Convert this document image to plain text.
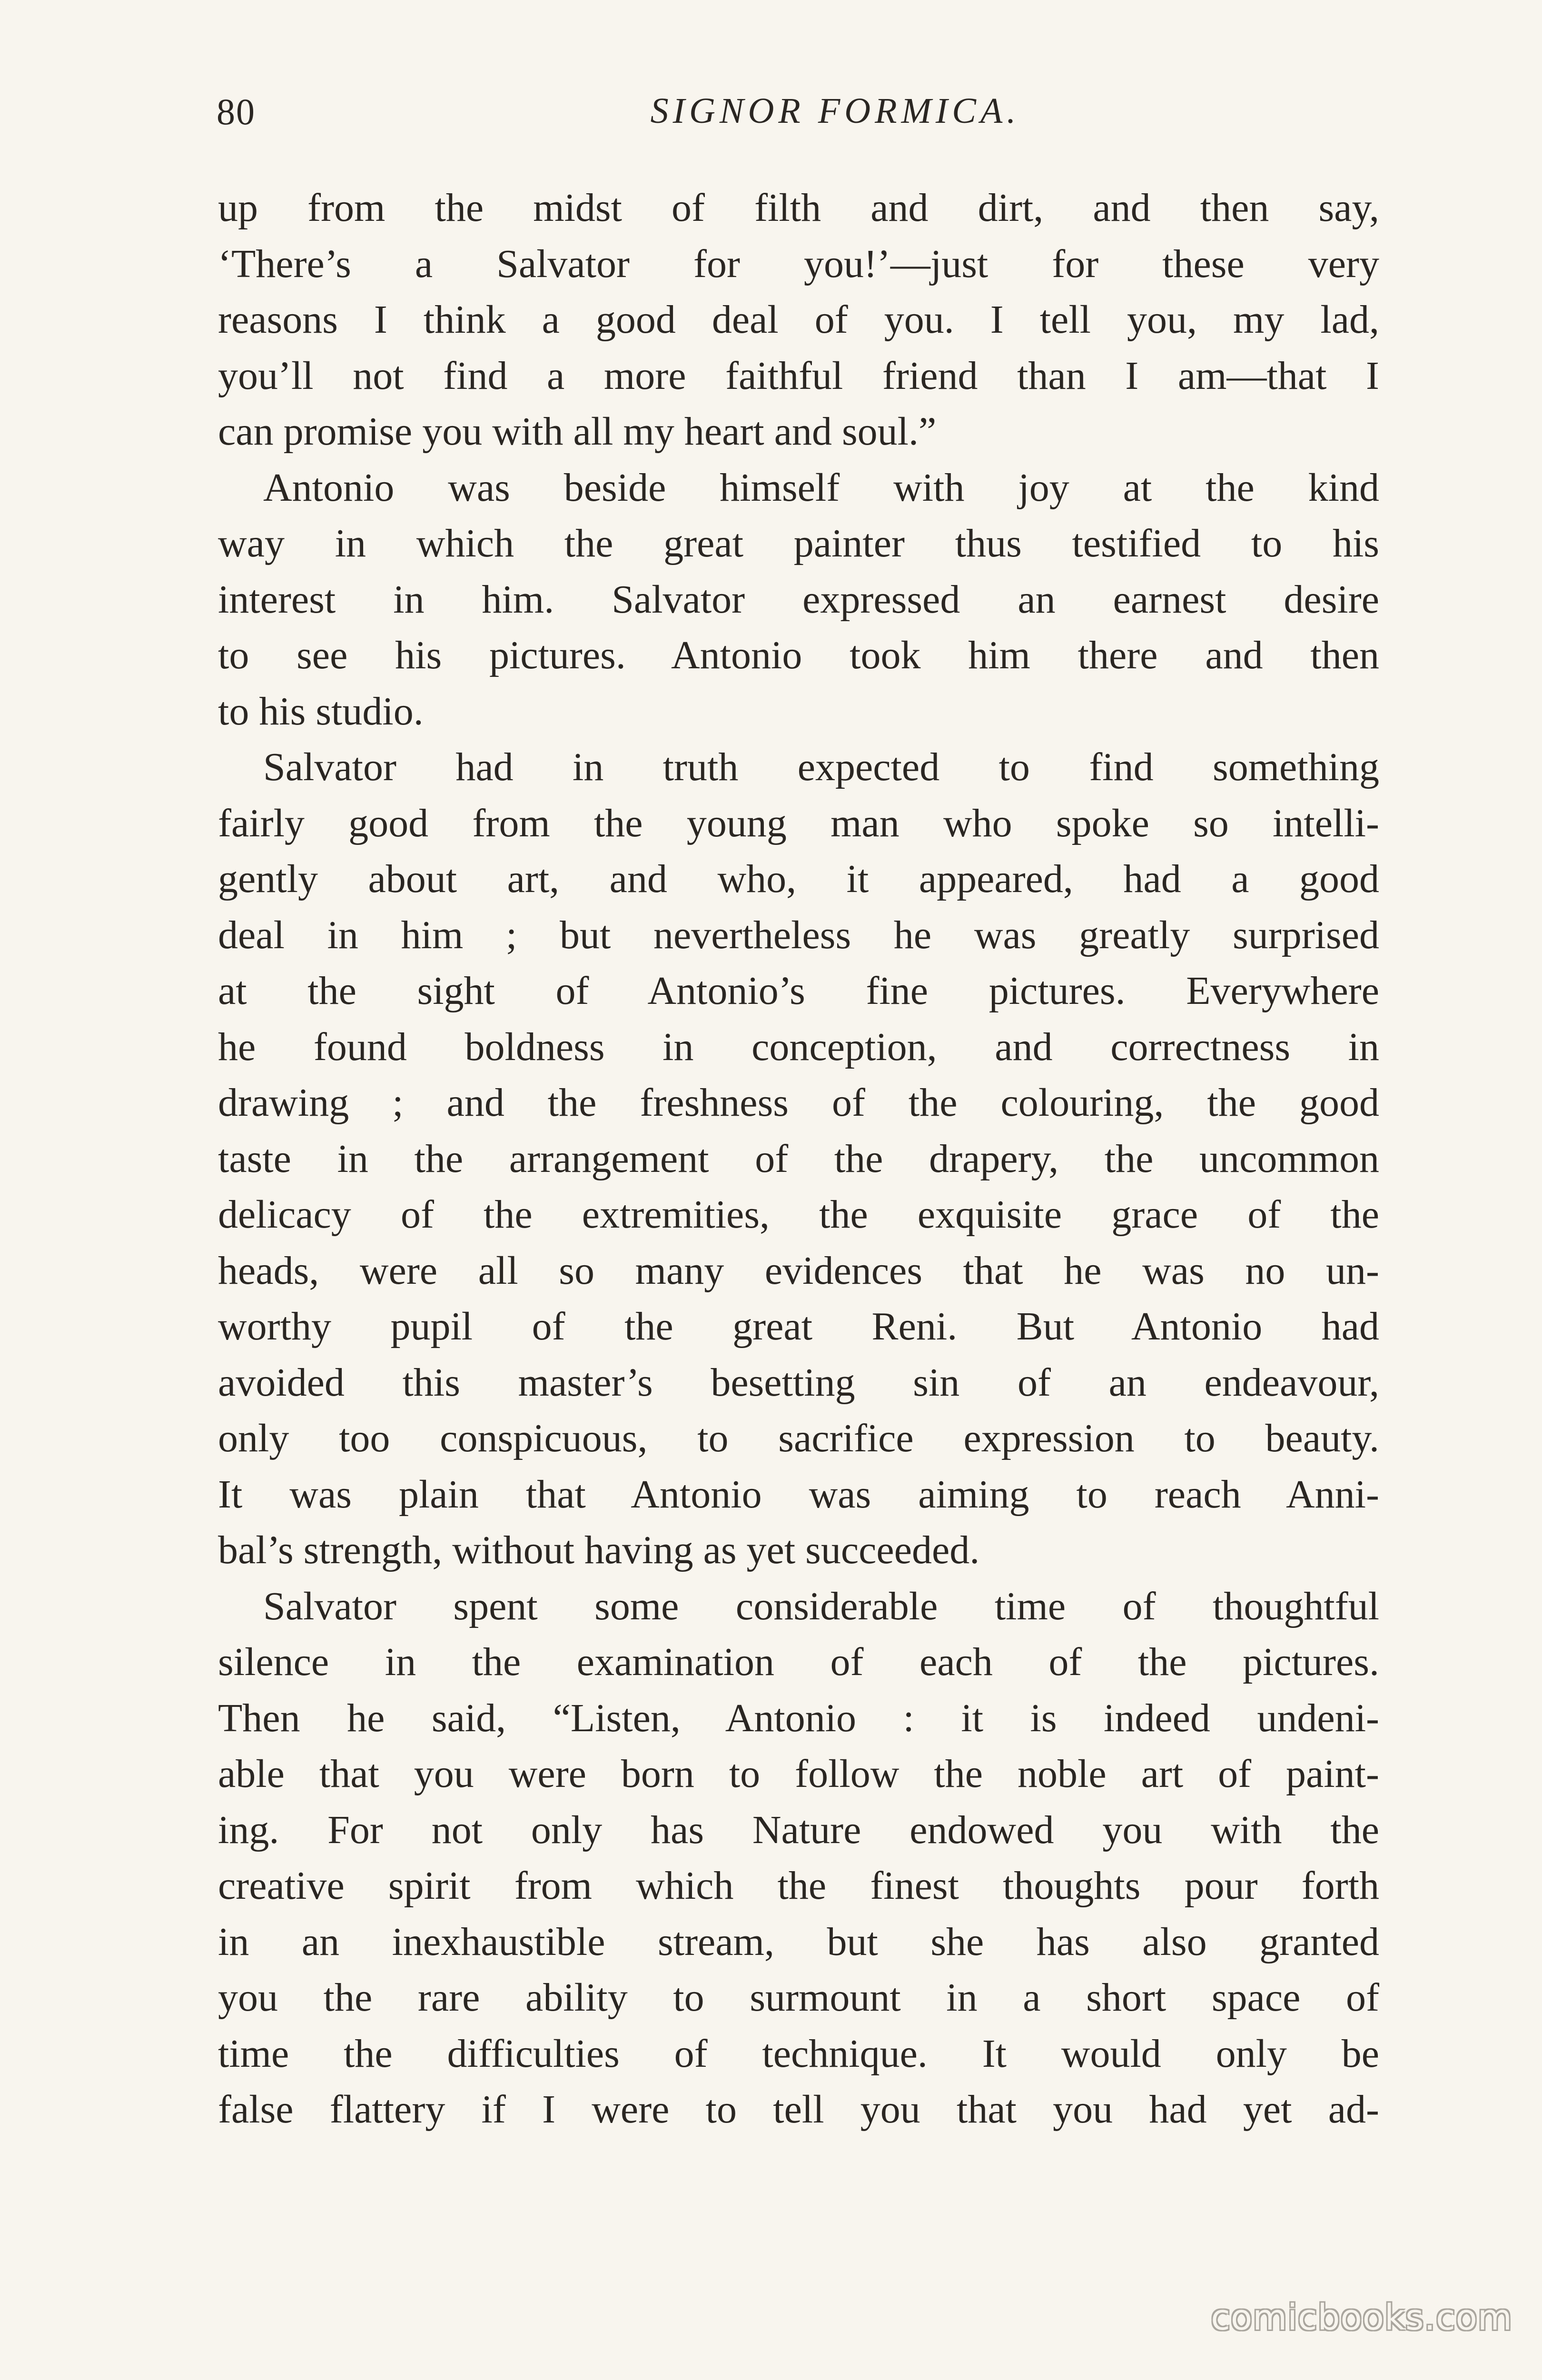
80	SIGNOR FORMICA.
up from the midst of filth and dirt, and then say,
‘There’s a Salvator for you!’—just for these very
reasons I think a good deal of you. I tell you, my lad,
you’ll not find a more faithful friend than I am—that I
can promise you with all my heart and soul.”
Antonio was beside himself with joy at the kind
way in which the great painter thus testified to his
interest in him. Salvator expressed an earnest desire
to see his pictures. Antonio took him there and then
to his studio.
Salvator had in truth expected to find something
fairly good from the young man who spoke so intelli-
gently about art, and who, it appeared, had a good
deal in him ; but nevertheless he was greatly surprised
at the sight of Antonio’s fine pictures. Everywhere
he found boldness in conception, and correctness in
drawing ; and the freshness of the colouring, the good
taste in the arrangement of the drapery, the uncommon
delicacy of the extremities, the exquisite grace of the
heads, were all so many evidences that he was no un-
worthy pupil of the great Reni. But Antonio had
avoided this master’s besetting sin of an endeavour,
only too conspicuous, to sacrifice expression to beauty.
It was plain that Antonio was aiming to reach Anni-
bal’s strength, without having as yet succeeded.
Salvator spent some considerable time of thoughtful
silence in the examination of each of the pictures.
Then he said, “Listen, Antonio : it is indeed undeni-
able that you were born to follow the noble art of paint-
ing. For not only has Nature endowed you with the
creative spirit from which the finest thoughts pour forth
in an inexhaustible stream, but she has also granted
you the rare ability to surmount in a short space of
time the difficulties of technique. It would only be
false flattery if I were to tell you that you had yet ad-
comicbooks.com
